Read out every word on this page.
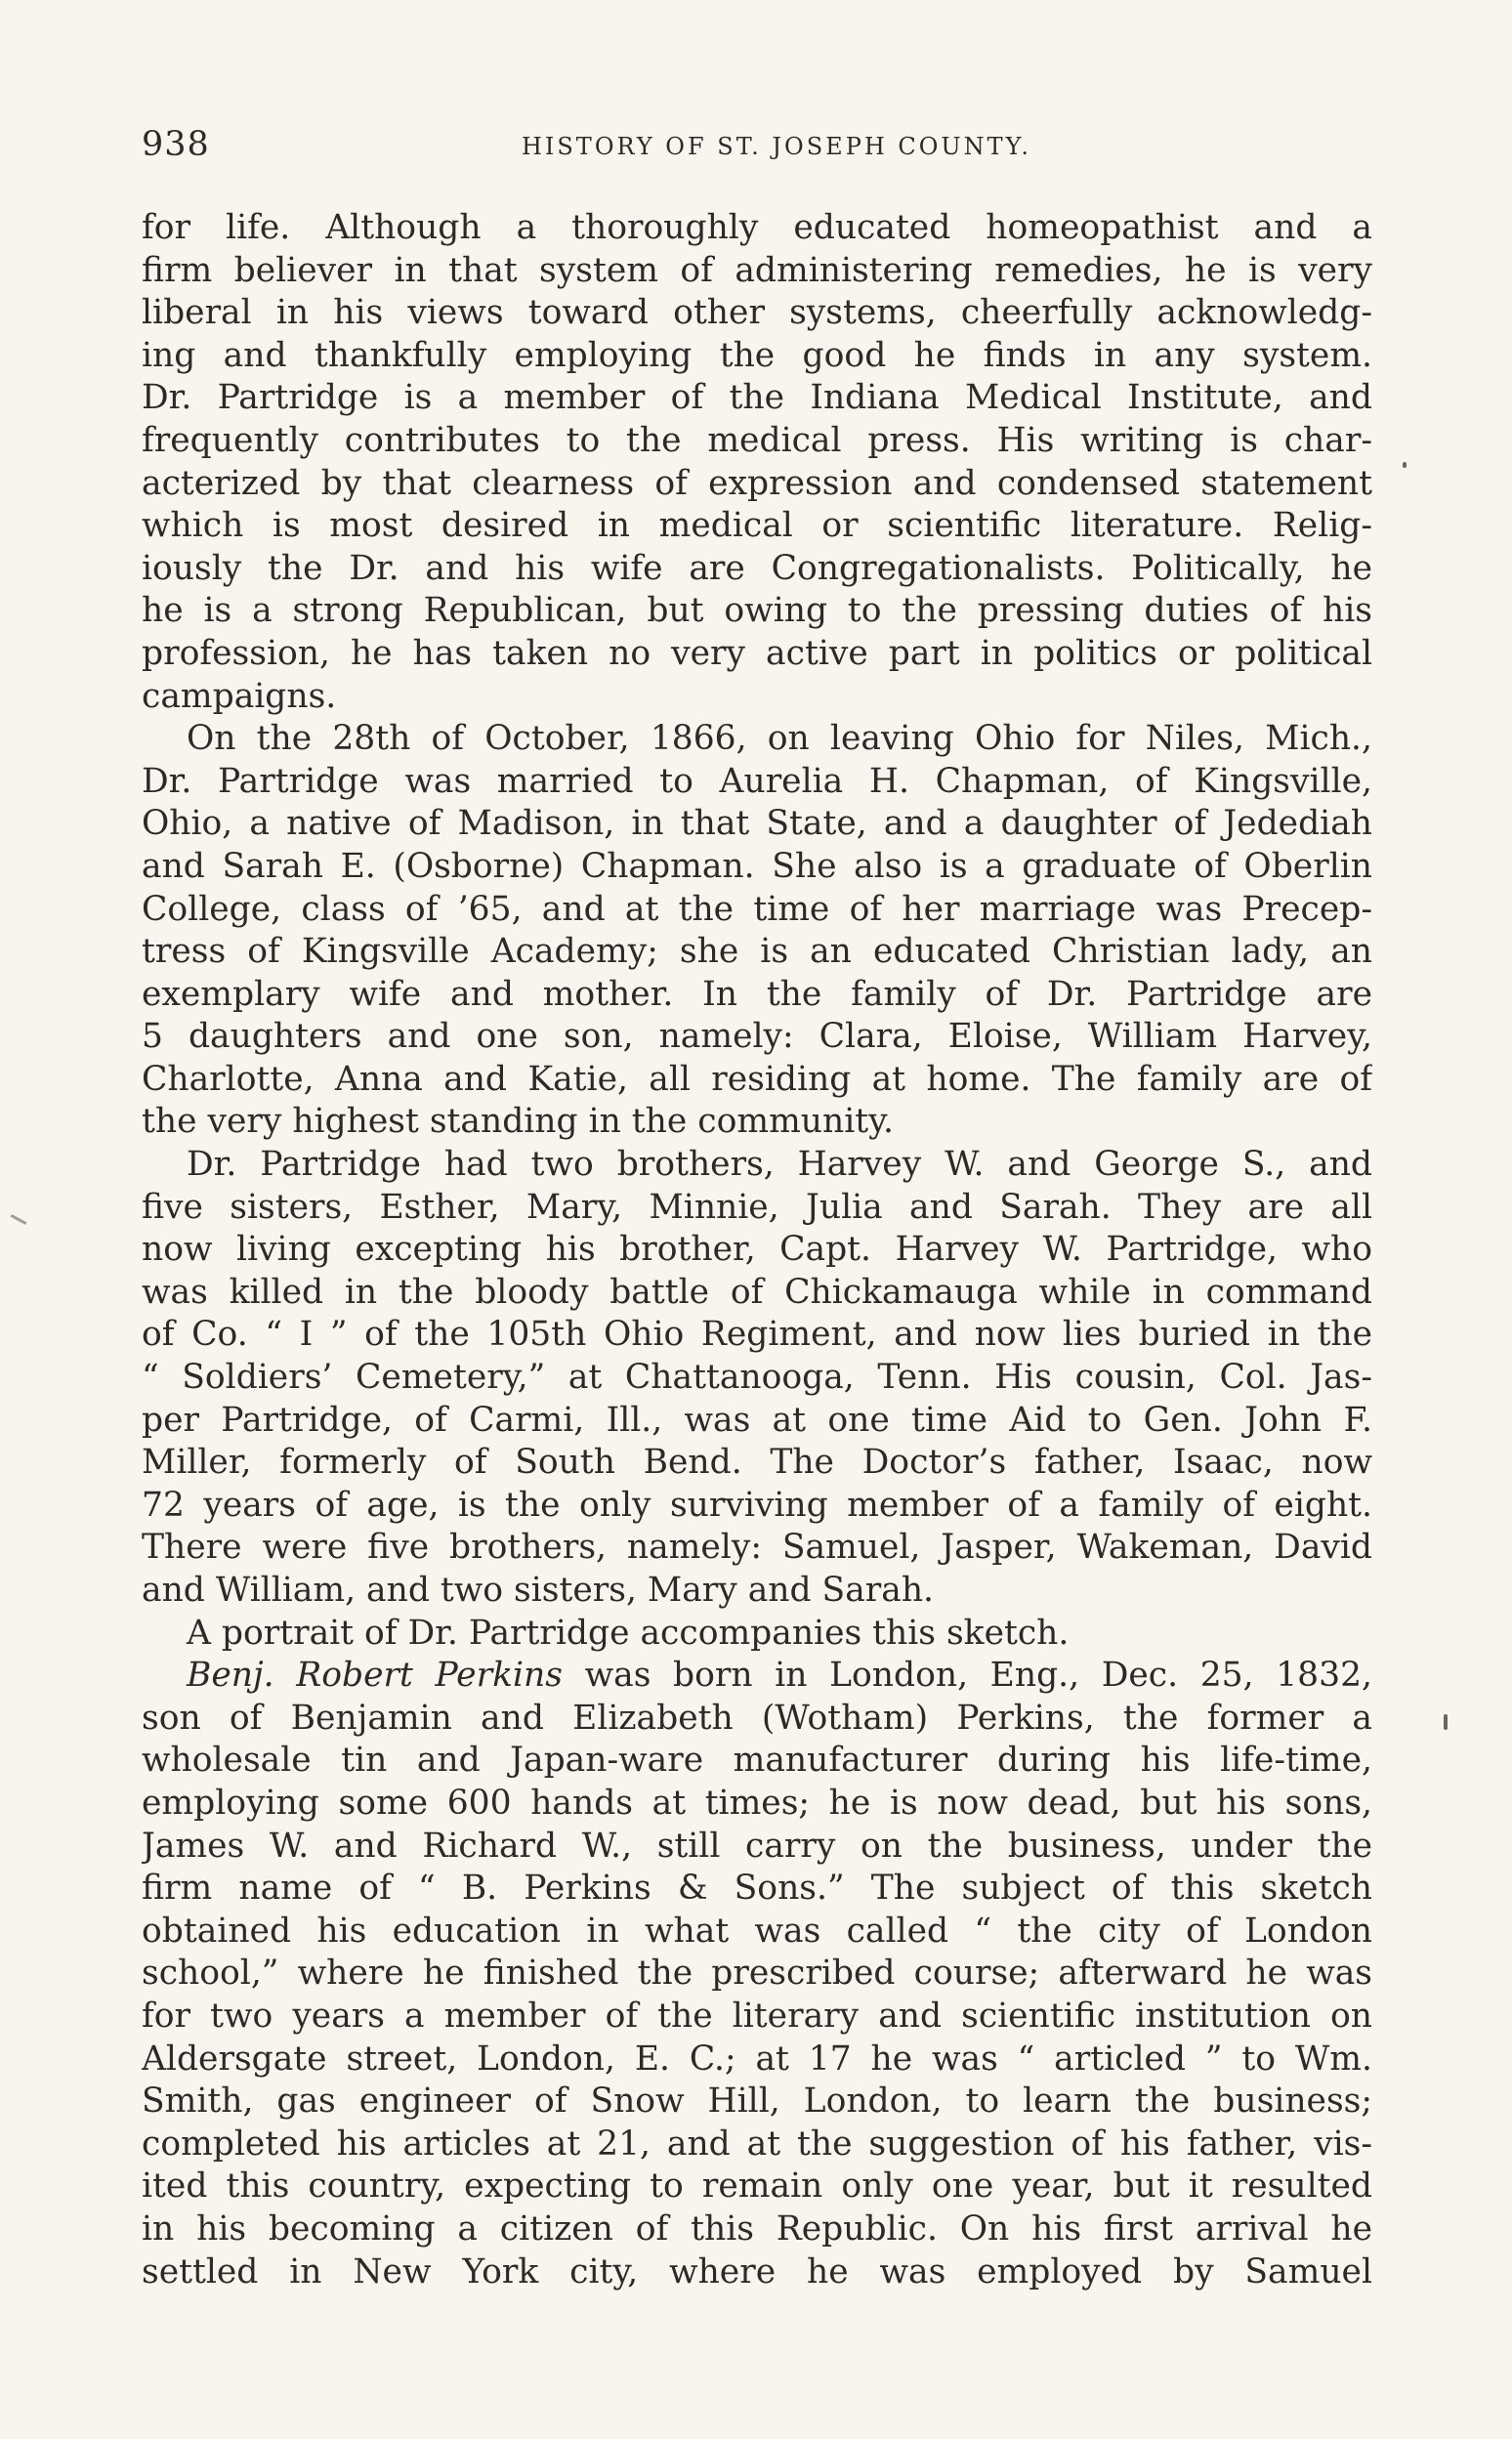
938	HISTORY OF ST. JOSEPH COUNTY.
for life. Although a thoroughly educated homeopathist and a
firm believer in that system of administering remedies, he is very
liberal in his views toward other systems, cheerfully acknowledg-
ing and thankfully employing the good he finds in any system.
Dr. Partridge is a member of the Indiana Medical Institute, and
frequently contributes to the medical press. His writing is char-
acterized by that clearness of expression and condensed statement
which is most desired in medical or scientific literature. Relig-
iously the Dr. and his wife are Congregationalists. Politically, he
he is a strong Republican, but owing to the pressing duties of his
profession, he has taken no very active part in politics or political
campaigns.
On the 28th of October, 1866, on leaving Ohio for Niles, Mich.,
Dr. Partridge was married to Aurelia H. Chapman, of Kingsville,
Ohio, a native of Madison, in that State, and a daughter of Jedediah
and Sarah E. (Osborne) Chapman. She also is a graduate of Oberlin
College, class of ’65, and at the time of her marriage was Precep-
tress of Kingsville Academy; she is an educated Christian lady, an
exemplary wife and mother. In the family of Dr. Partridge are
5 daughters and one son, namely: Clara, Eloise, William Harvey,
Charlotte, Anna and Katie, all residing at home. The family are of
the very highest standing in the community.
Dr. Partridge had two brothers, Harvey W. and George S., and
five sisters, Esther, Mary, Minnie, Julia and Sarah. They are all
now living excepting his brother, Capt. Harvey W. Partridge, who
was killed in the bloody battle of Chickamauga while in command
of Co. “ I ” of the 105th Ohio Regiment, and now lies buried in the
“ Soldiers’ Cemetery,” at Chattanooga, Tenn. His cousin, Col. Jas-
per Partridge, of Carmi, Ill., was at one time Aid to Gen. John F.
Miller, formerly of South Bend. The Doctor’s father, Isaac, now
72 years of age, is the only surviving member of a family of eight.
There were five brothers, namely: Samuel, Jasper, Wakeman, David
and William, and two sisters, Mary and Sarah.
A portrait of Dr. Partridge accompanies this sketch.
Benj. Robert Perkins was born in London, Eng., Dec. 25, 1832,
son of Benjamin and Elizabeth (Wotham) Perkins, the former a
wholesale tin and Japan-ware manufacturer during his life-time,
employing some 600 hands at times; he is now dead, but his sons,
James W. and Richard W., still carry on the business, under the
firm name of “ B. Perkins & Sons.” The subject of this sketch
obtained his education in what was called “ the city of London
school,” where he finished the prescribed course; afterward he was
for two years a member of the literary and scientific institution on
Aldersgate street, London, E. C.; at 17 he was “ articled ” to Wm.
Smith, gas engineer of Snow Hill, London, to learn the business;
completed his articles at 21, and at the suggestion of his father, vis-
ited this country, expecting to remain only one year, but it resulted
in his becoming a citizen of this Republic. On his first arrival he
settled in New York city, where he was employed by Samuel
